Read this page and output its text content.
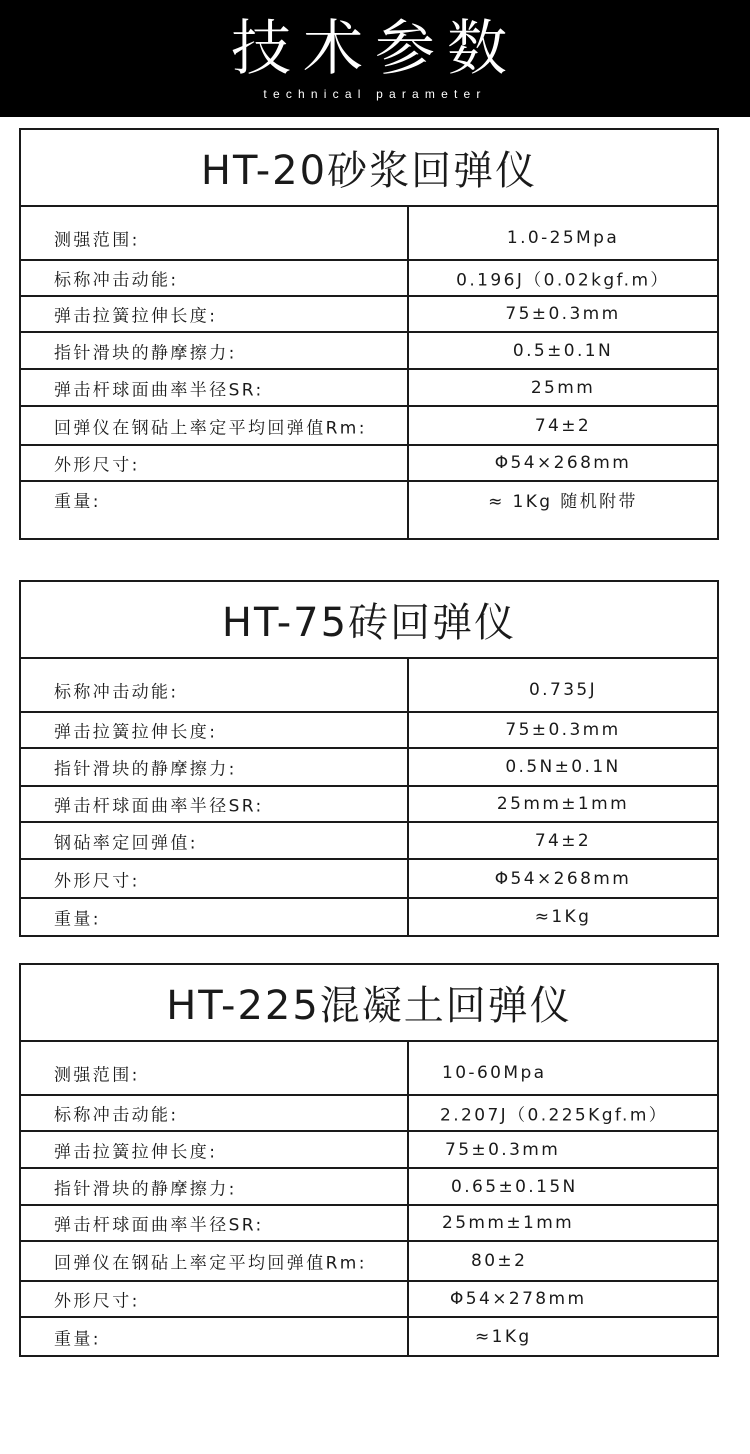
技术参数
technical parameter
HT-20砂浆回弹仪
测强范围:	1.0-25Mpa
标称冲击动能:	0.196J（0.02kgf.m）
弹击拉簧拉伸长度:	75±0.3mm
指针滑块的静摩擦力:	0.5±0.1N
弹击杆球面曲率半径SR:	25mm
回弹仪在钢砧上率定平均回弹值Rm:	74±2
外形尺寸:	Φ54×268mm
重量:	≈ 1Kg 随机附带
HT-75砖回弹仪
标称冲击动能:	0.735J
弹击拉簧拉伸长度:	75±0.3mm
指针滑块的静摩擦力:	0.5N±0.1N
弹击杆球面曲率半径SR:	25mm±1mm
钢砧率定回弹值:	74±2
外形尺寸:	Φ54×268mm
重量:	≈1Kg
HT-225混凝土回弹仪
测强范围:	10-60Mpa
标称冲击动能:	2.207J（0.225Kgf.m）
弹击拉簧拉伸长度:	75±0.3mm
指针滑块的静摩擦力:	0.65±0.15N
弹击杆球面曲率半径SR:	25mm±1mm
回弹仪在钢砧上率定平均回弹值Rm:	80±2
外形尺寸:	Φ54×278mm
重量:	≈1Kg
